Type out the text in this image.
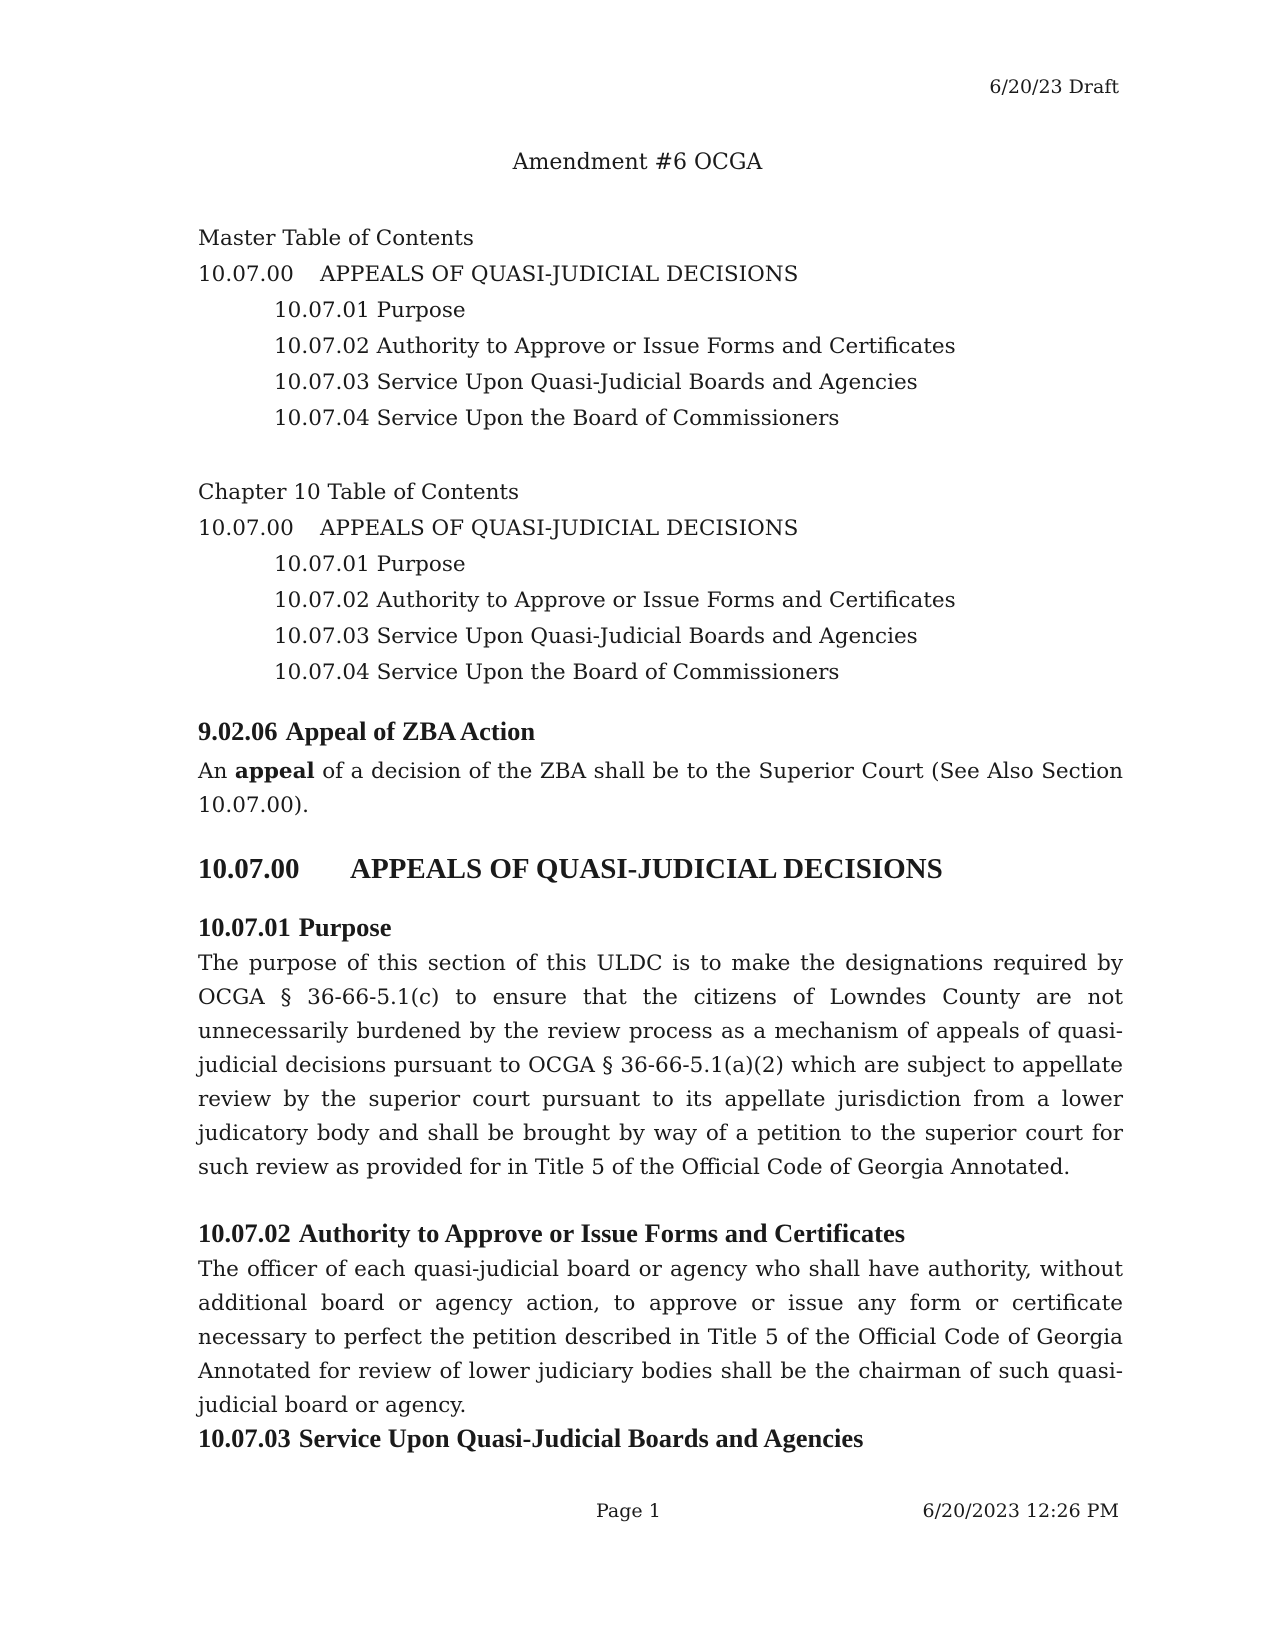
6/20/23 Draft
Amendment #6 OCGA
Master Table of Contents
10.07.00 APPEALS OF QUASI-JUDICIAL DECISIONS
10.07.01 Purpose
10.07.02 Authority to Approve or Issue Forms and Certificates
10.07.03 Service Upon Quasi-Judicial Boards and Agencies
10.07.04 Service Upon the Board of Commissioners
Chapter 10 Table of Contents
10.07.00 APPEALS OF QUASI-JUDICIAL DECISIONS
10.07.01 Purpose
10.07.02 Authority to Approve or Issue Forms and Certificates
10.07.03 Service Upon Quasi-Judicial Boards and Agencies
10.07.04 Service Upon the Board of Commissioners
9.02.06 Appeal of ZBA Action
An appeal of a decision of the ZBA shall be to the Superior Court (See Also Section 10.07.00).
10.07.00 APPEALS OF QUASI-JUDICIAL DECISIONS
10.07.01 Purpose
The purpose of this section of this ULDC is to make the designations required by OCGA § 36-66-5.1(c) to ensure that the citizens of Lowndes County are not unnecessarily burdened by the review process as a mechanism of appeals of quasi-judicial decisions pursuant to OCGA § 36-66-5.1(a)(2) which are subject to appellate review by the superior court pursuant to its appellate jurisdiction from a lower judicatory body and shall be brought by way of a petition to the superior court for such review as provided for in Title 5 of the Official Code of Georgia Annotated.
10.07.02 Authority to Approve or Issue Forms and Certificates
The officer of each quasi-judicial board or agency who shall have authority, without additional board or agency action, to approve or issue any form or certificate necessary to perfect the petition described in Title 5 of the Official Code of Georgia Annotated for review of lower judiciary bodies shall be the chairman of such quasi-judicial board or agency.
10.07.03 Service Upon Quasi-Judicial Boards and Agencies
Page 1	6/20/2023 12:26 PM
